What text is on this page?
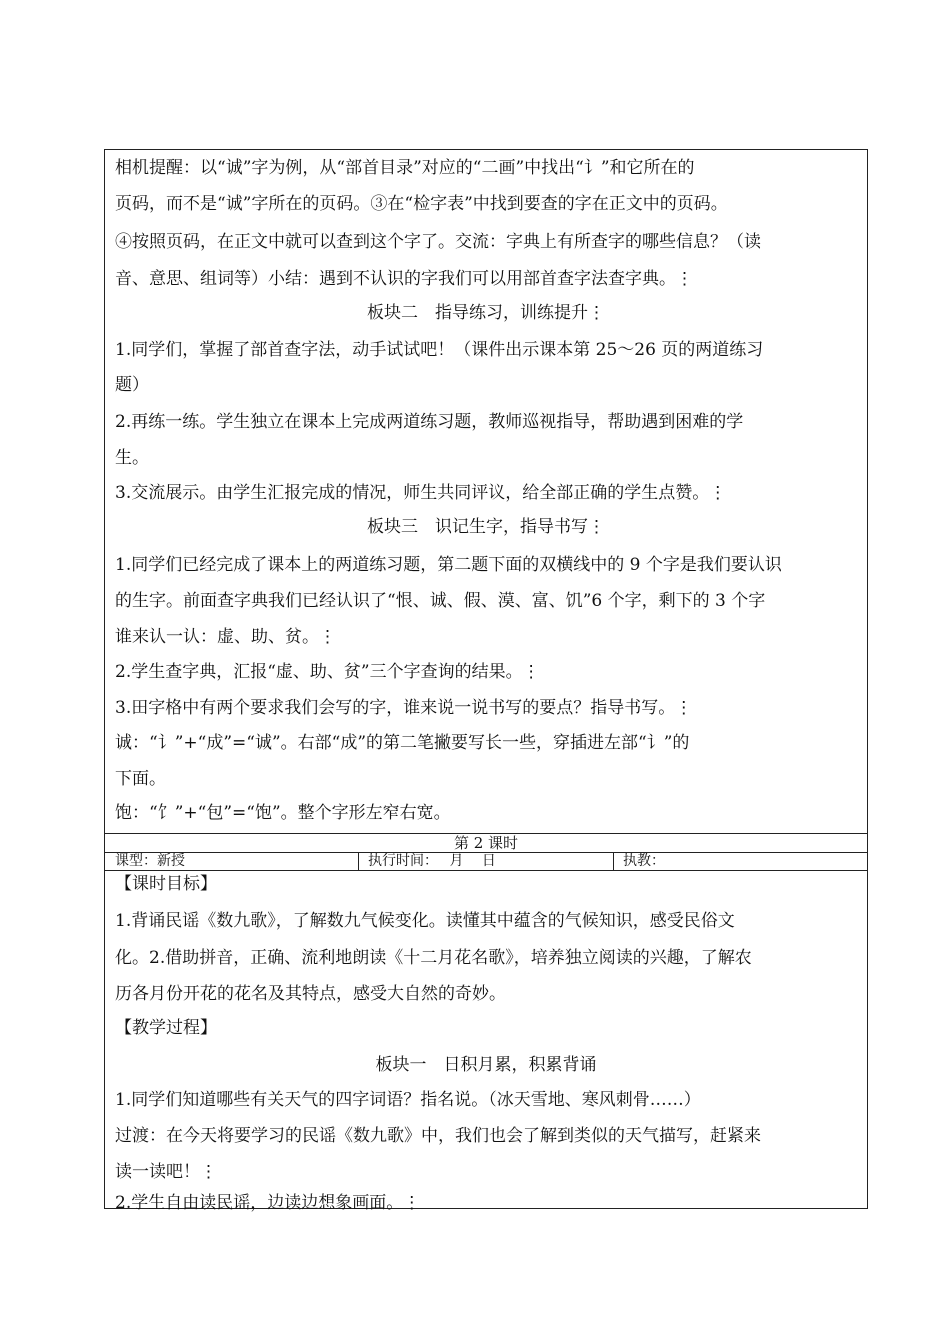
相机提醒：以“诚”字为例，从“部首目录”对应的“二画”中找出“讠”和它所在的
页码，而不是“诚”字所在的页码。③在“检字表”中找到要查的字在正文中的页码。
④按照页码，在正文中就可以查到这个字了。交流：字典上有所查字的哪些信息？（读
音、意思、组词等）小结：遇到不认识的字我们可以用部首查字法查字典。⋮
板块二　指导练习，训练提升⋮
1.同学们，掌握了部首查字法，动手试试吧！（课件出示课本第 25～26 页的两道练习
题）
2.再练一练。学生独立在课本上完成两道练习题，教师巡视指导，帮助遇到困难的学
生。
3.交流展示。由学生汇报完成的情况，师生共同评议，给全部正确的学生点赞。⋮
板块三　识记生字，指导书写⋮
1.同学们已经完成了课本上的两道练习题，第二题下面的双横线中的 9 个字是我们要认识
的生字。前面查字典我们已经认识了“恨、诚、假、漠、富、饥”6 个字，剩下的 3 个字
谁来认一认：虚、助、贫。⋮
2.学生查字典，汇报“虚、助、贫”三个字查询的结果。⋮
3.田字格中有两个要求我们会写的字，谁来说一说书写的要点？指导书写。⋮
诚：“讠”+“成”=“诚”。右部“成”的第二笔撇要写长一些，穿插进左部“讠”的
下面。
饱：“饣”+“包”=“饱”。整个字形左窄右宽。
第 2 课时
课型：新授	执行时间：　 月　 日	执教：
【课时目标】
1.背诵民谣《数九歌》，了解数九气候变化。读懂其中蕴含的气候知识，感受民俗文
化。2.借助拼音，正确、流利地朗读《十二月花名歌》，培养独立阅读的兴趣，了解农
历各月份开花的花名及其特点，感受大自然的奇妙。
【教学过程】
板块一　日积月累，积累背诵
1.同学们知道哪些有关天气的四字词语？指名说。（冰天雪地、寒风刺骨……）
过渡：在今天将要学习的民谣《数九歌》中，我们也会了解到类似的天气描写，赶紧来
读一读吧！⋮
2.学生自由读民谣，边读边想象画面。⋮
